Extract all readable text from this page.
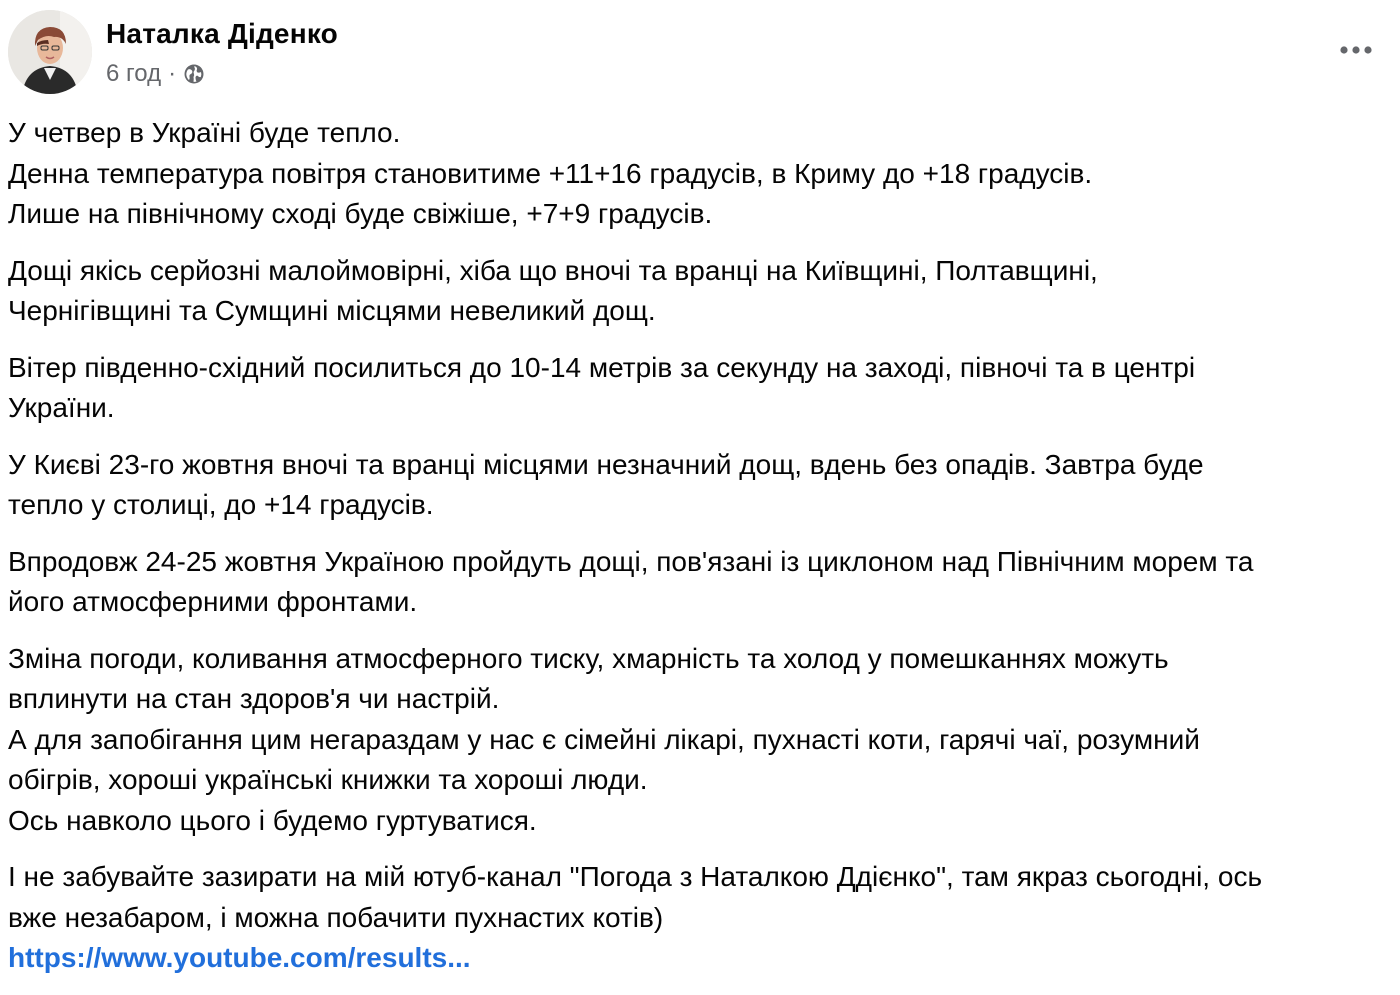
Наталка Діденко
6 год ·
У четвер в Україні буде тепло.
Денна температура повітря становитиме +11+16 градусів, в Криму до +18 градусів.
Лише на північному сході буде свіжіше, +7+9 градусів.
Дощі якісь серйозні малоймовірні, хіба що вночі та вранці на Київщині, Полтавщині,
Чернігівщині та Сумщині місцями невеликий дощ.
Вітер південно-східний посилиться до 10-14 метрів за секунду на заході, півночі та в центрі
України.
У Києві 23-го жовтня вночі та вранці місцями незначний дощ, вдень без опадів. Завтра буде
тепло у столиці, до +14 градусів.
Впродовж 24-25 жовтня Україною пройдуть дощі, пов'язані із циклоном над Північним морем та
його атмосферними фронтами.
Зміна погоди, коливання атмосферного тиску, хмарність та холод у помешканнях можуть
вплинути на стан здоров'я чи настрій.
А для запобігання цим негараздам у нас є сімейні лікарі, пухнасті коти, гарячі чаї, розумний
обігрів, хороші українські книжки та хороші люди.
Ось навколо цього і будемо гуртуватися.
І не забувайте зазирати на мій ютуб-канал "Погода з Наталкою Ддієнко", там якраз сьогодні, ось
вже незабаром, і можна побачити пухнастих котів)
https://www.youtube.com/results...
